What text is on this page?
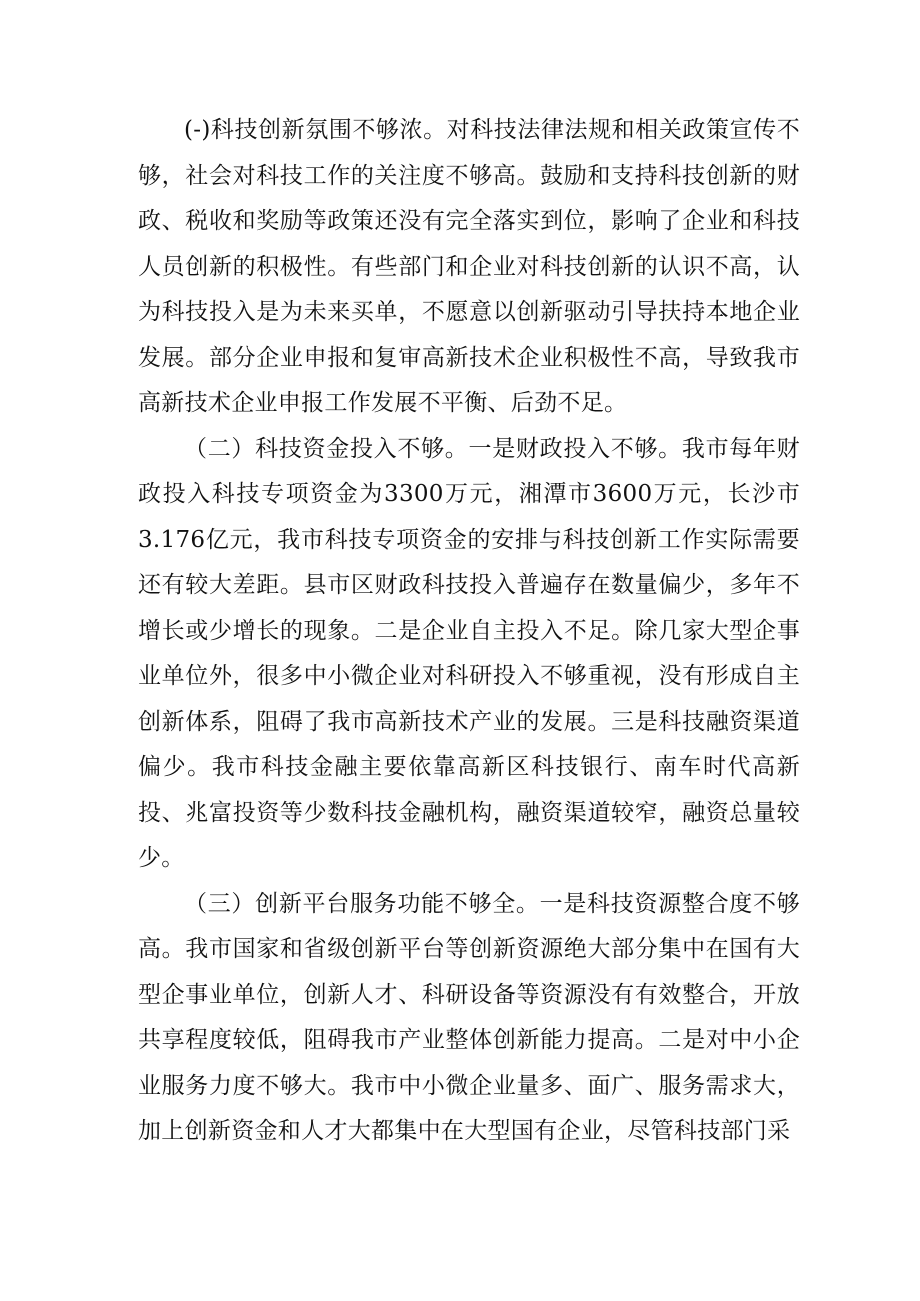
(-)科技创新氛围不够浓。对科技法律法规和相关政策宣传不够，社会对科技工作的关注度不够高。鼓励和支持科技创新的财政、税收和奖励等政策还没有完全落实到位，影响了企业和科技人员创新的积极性。有些部门和企业对科技创新的认识不高，认为科技投入是为未来买单，不愿意以创新驱动引导扶持本地企业发展。部分企业申报和复审高新技术企业积极性不高，导致我市高新技术企业申报工作发展不平衡、后劲不足。

（二）科技资金投入不够。一是财政投入不够。我市每年财政投入科技专项资金为3300万元，湘潭市3600万元，长沙市3.176亿元，我市科技专项资金的安排与科技创新工作实际需要还有较大差距。县市区财政科技投入普遍存在数量偏少，多年不增长或少增长的现象。二是企业自主投入不足。除几家大型企事业单位外，很多中小微企业对科研投入不够重视，没有形成自主创新体系，阻碍了我市高新技术产业的发展。三是科技融资渠道偏少。我市科技金融主要依靠高新区科技银行、南车时代高新投、兆富投资等少数科技金融机构，融资渠道较窄，融资总量较少。

（三）创新平台服务功能不够全。一是科技资源整合度不够高。我市国家和省级创新平台等创新资源绝大部分集中在国有大型企事业单位，创新人才、科研设备等资源没有有效整合，开放共享程度较低，阻碍我市产业整体创新能力提高。二是对中小企业服务力度不够大。我市中小微企业量多、面广、服务需求大，加上创新资金和人才大都集中在大型国有企业，尽管科技部门采
